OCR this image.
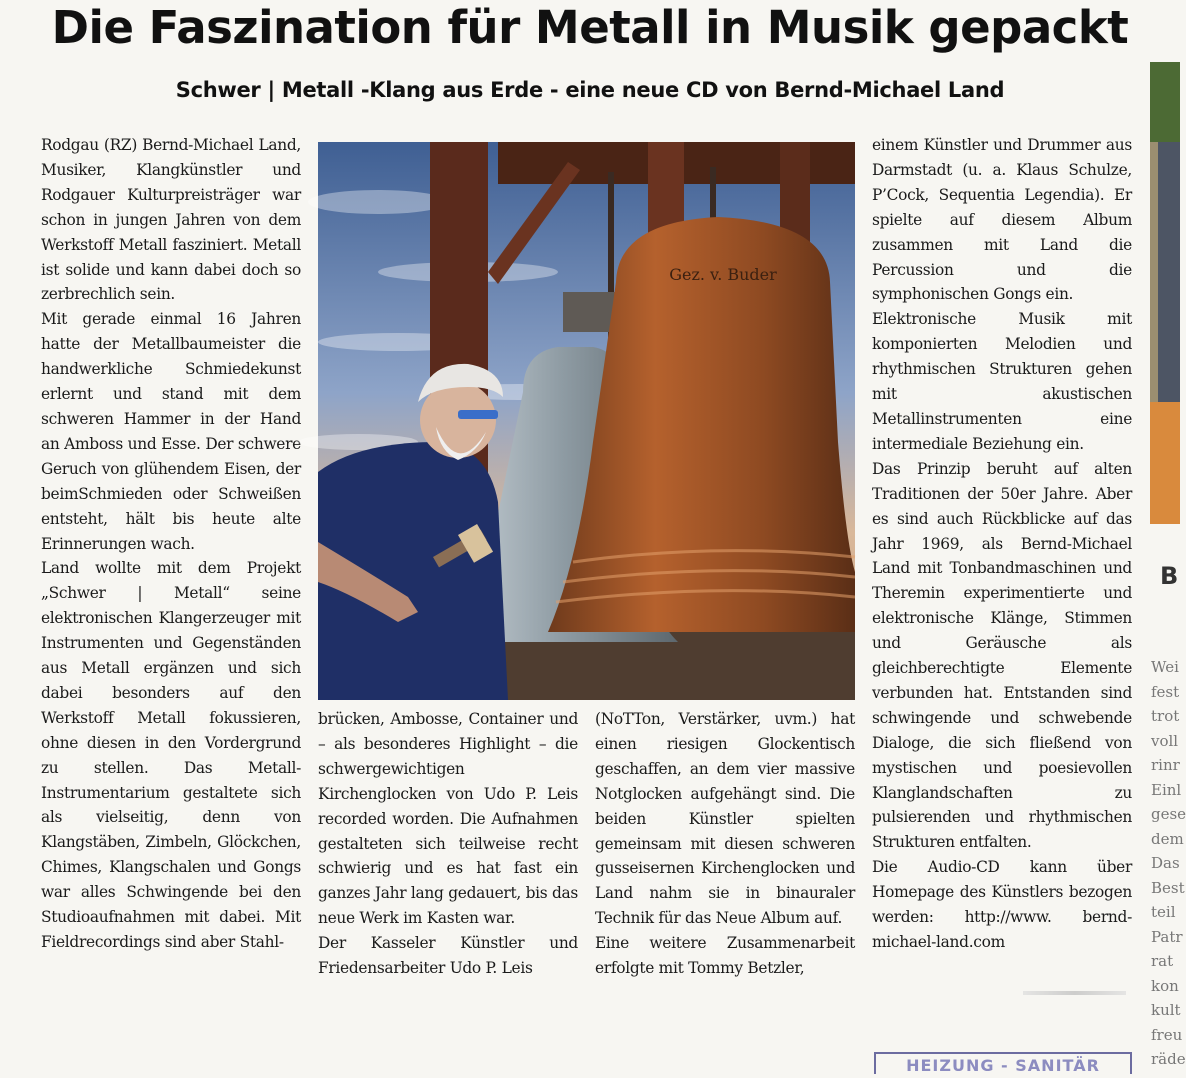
Die Faszination für Metall in Musik gepackt
Schwer | Metall -Klang aus Erde - eine neue CD von Bernd-Michael Land

Rodgau (RZ) Bernd-Michael Land, Musiker, Klangkünstler und Rodgauer Kulturpreisträger war schon in jungen Jahren von dem Werkstoff Metall fasziniert. Metall ist solide und kann dabei doch so zerbrechlich sein.

Mit gerade einmal 16 Jahren hatte der Metallbaumeister die handwerkliche Schmiedekunst erlernt und stand mit dem schweren Hammer in der Hand an Amboss und Esse. Der schwere Geruch von glühendem Eisen, der beimSchmieden oder Schweißen entsteht, hält bis heute alte Erinnerungen wach.

Land wollte mit dem Projekt „Schwer | Metall“ seine elektronischen Klangerzeuger mit Instrumenten und Gegenständen aus Metall ergänzen und sich dabei besonders auf den Werkstoff Metall fokussieren, ohne diesen in den Vordergrund zu stellen. Das Metall-Instrumentarium gestaltete sich als vielseitig, denn von Klangstäben, Zimbeln, Glöckchen, Chimes, Klangschalen und Gongs war alles Schwingende bei den Studioaufnahmen mit dabei. Mit Fieldrecordings sind aber Stahl-

Gez. v. Buder

brücken, Ambosse, Container und – als besonderes Highlight – die schwergewichtigen Kirchenglocken von Udo P. Leis recorded worden. Die Aufnahmen gestalteten sich teilweise recht schwierig und es hat fast ein ganzes Jahr lang gedauert, bis das neue Werk im Kasten war.

Der Kasseler Künstler und Friedensarbeiter Udo P. Leis

(NoTTon, Verstärker, uvm.) hat einen riesigen Glockentisch geschaffen, an dem vier massive Notglocken aufgehängt sind. Die beiden Künstler spielten gemeinsam mit diesen schweren gusseisernen Kirchenglocken und Land nahm sie in binauraler Technik für das Neue Album auf.

Eine weitere Zusammenarbeit erfolgte mit Tommy Betzler,

einem Künstler und Drummer aus Darmstadt (u. a. Klaus Schulze, P’Cock, Sequentia Legendia). Er spielte auf diesem Album zusammen mit Land die Percussion und die symphonischen Gongs ein.

Elektronische Musik mit komponierten Melodien und rhythmischen Strukturen gehen mit akustischen Metallinstrumenten eine intermediale Beziehung ein.

Das Prinzip beruht auf alten Traditionen der 50er Jahre. Aber es sind auch Rückblicke auf das Jahr 1969, als Bernd-Michael Land mit Tonbandmaschinen und Theremin experimentierte und elektronische Klänge, Stimmen und Geräusche als gleichberechtigte Elemente verbunden hat. Entstanden sind schwingende und schwebende Dialoge, die sich fließend von mystischen und poesievollen Klanglandschaften zu pulsierenden und rhythmischen Strukturen entfalten.

Die Audio-CD kann über Homepage des Künstlers bezogen werden: http://www. bernd-michael-land.com

B
Wei
fest
trot
voll
rinr
Einl
gese
dem
Das
Best
teil
Patr
rat
kon
kult
freu
räde
HEIZUNG - SANITÄR
